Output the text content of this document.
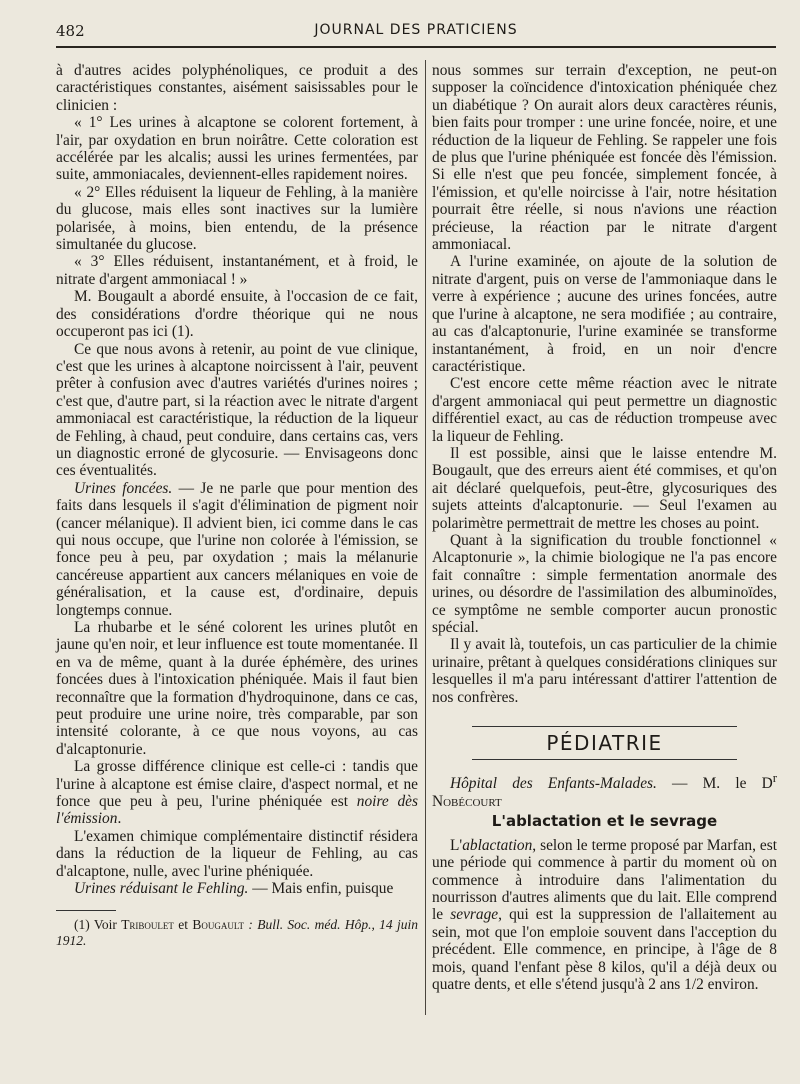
482	JOURNAL DES PRATICIENS

à d'autres acides polyphénoliques, ce produit a des caractéristiques constantes, aisément saisissables pour le clinicien :

« 1° Les urines à alcaptone se colorent fortement, à l'air, par oxydation en brun noirâtre. Cette coloration est accélérée par les alcalis; aussi les urines fermentées, par suite, ammoniacales, deviennent-elles rapidement noires.

« 2° Elles réduisent la liqueur de Fehling, à la manière du glucose, mais elles sont inactives sur la lumière polarisée, à moins, bien entendu, de la présence simultanée du glucose.

« 3° Elles réduisent, instantanément, et à froid, le nitrate d'argent ammoniacal ! »

M. Bougault a abordé ensuite, à l'occasion de ce fait, des considérations d'ordre théorique qui ne nous occuperont pas ici (1).

Ce que nous avons à retenir, au point de vue clinique, c'est que les urines à alcaptone noircissent à l'air, peuvent prêter à confusion avec d'autres variétés d'urines noires ; c'est que, d'autre part, si la réaction avec le nitrate d'argent ammoniacal est caractéristique, la réduction de la liqueur de Fehling, à chaud, peut conduire, dans certains cas, vers un diagnostic erroné de glycosurie. — Envisageons donc ces éventualités.

Urines foncées. — Je ne parle que pour mention des faits dans lesquels il s'agit d'élimination de pigment noir (cancer mélanique). Il advient bien, ici comme dans le cas qui nous occupe, que l'urine non colorée à l'émission, se fonce peu à peu, par oxydation ; mais la mélanurie cancéreuse appartient aux cancers mélaniques en voie de généralisation, et la cause est, d'ordinaire, depuis longtemps connue.

La rhubarbe et le séné colorent les urines plutôt en jaune qu'en noir, et leur influence est toute momentanée. Il en va de même, quant à la durée éphémère, des urines foncées dues à l'intoxication phéniquée. Mais il faut bien reconnaître que la formation d'hydroquinone, dans ce cas, peut produire une urine noire, très comparable, par son intensité colorante, à ce que nous voyons, au cas d'alcaptonurie.

La grosse différence clinique est celle-ci : tandis que l'urine à alcaptone est émise claire, d'aspect normal, et ne fonce que peu à peu, l'urine phéniquée est noire dès l'émission.

L'examen chimique complémentaire distinctif résidera dans la réduction de la liqueur de Fehling, au cas d'alcaptone, nulle, avec l'urine phéniquée.

Urines réduisant le Fehling. — Mais enfin, puisque

(1) Voir Triboulet et Bougault : Bull. Soc. méd. Hôp., 14 juin 1912.

nous sommes sur terrain d'exception, ne peut-on supposer la coïncidence d'intoxication phéniquée chez un diabétique ? On aurait alors deux caractères réunis, bien faits pour tromper : une urine foncée, noire, et une réduction de la liqueur de Fehling. Se rappeler une fois de plus que l'urine phéniquée est foncée dès l'émission. Si elle n'est que peu foncée, simplement foncée, à l'émission, et qu'elle noircisse à l'air, notre hésitation pourrait être réelle, si nous n'avions une réaction précieuse, la réaction par le nitrate d'argent ammoniacal.

A l'urine examinée, on ajoute de la solution de nitrate d'argent, puis on verse de l'ammoniaque dans le verre à expérience ; aucune des urines foncées, autre que l'urine à alcaptone, ne sera modifiée ; au contraire, au cas d'alcaptonurie, l'urine examinée se transforme instantanément, à froid, en un noir d'encre caractéristique.

C'est encore cette même réaction avec le nitrate d'argent ammoniacal qui peut permettre un diagnostic différentiel exact, au cas de réduction trompeuse avec la liqueur de Fehling.

Il est possible, ainsi que le laisse entendre M. Bougault, que des erreurs aient été commises, et qu'on ait déclaré quelquefois, peut-être, glycosuriques des sujets atteints d'alcaptonurie. — Seul l'examen au polarimètre permettrait de mettre les choses au point.

Quant à la signification du trouble fonctionnel « Alcaptonurie », la chimie biologique ne l'a pas encore fait connaître : simple fermentation anormale des urines, ou désordre de l'assimilation des albuminoïdes, ce symptôme ne semble comporter aucun pronostic spécial.

Il y avait là, toutefois, un cas particulier de la chimie urinaire, prêtant à quelques considérations cliniques sur lesquelles il m'a paru intéressant d'attirer l'attention de nos confrères.

PÉDIATRIE

Hôpital des Enfants-Malades. — M. le $D^r$ Nobécourt

L'ablactation et le sevrage

L'ablactation, selon le terme proposé par Marfan, est une période qui commence à partir du moment où on commence à introduire dans l'alimentation du nourrisson d'autres aliments que du lait. Elle comprend le sevrage, qui est la suppression de l'allaitement au sein, mot que l'on emploie souvent dans l'acception du précédent. Elle commence, en principe, à l'âge de 8 mois, quand l'enfant pèse 8 kilos, qu'il a déjà deux ou quatre dents, et elle s'étend jusqu'à 2 ans 1/2 environ.
